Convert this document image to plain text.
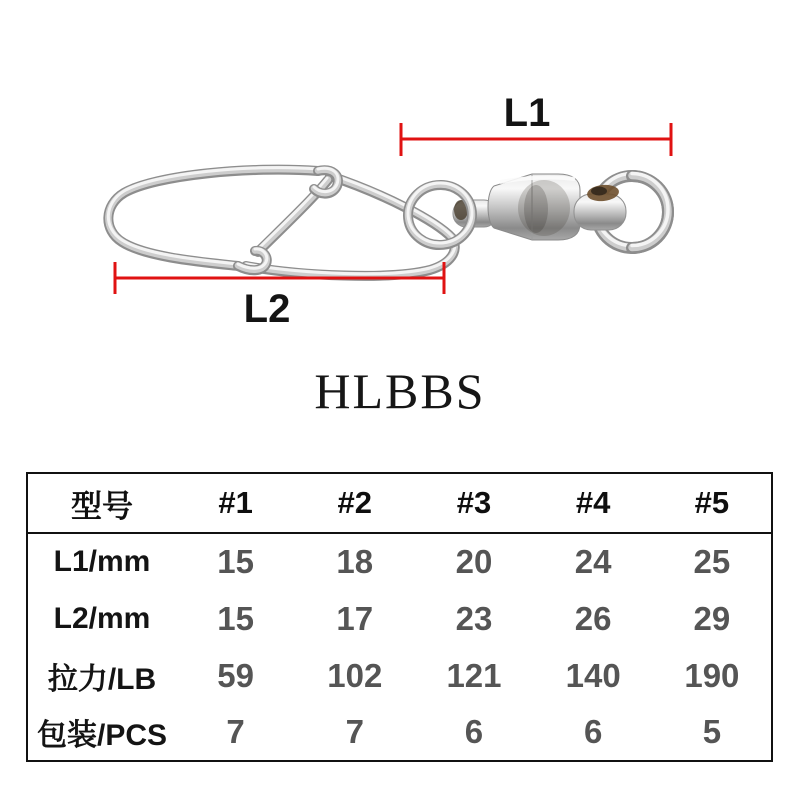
L1
L2
HLBBS
型号	#1	#2	#3	#4	#5
L1/mm	15	18	20	24	25
L2/mm	15	17	23	26	29
拉力/LB	59	102	121	140	190
包装/PCS	7	7	6	6	5
